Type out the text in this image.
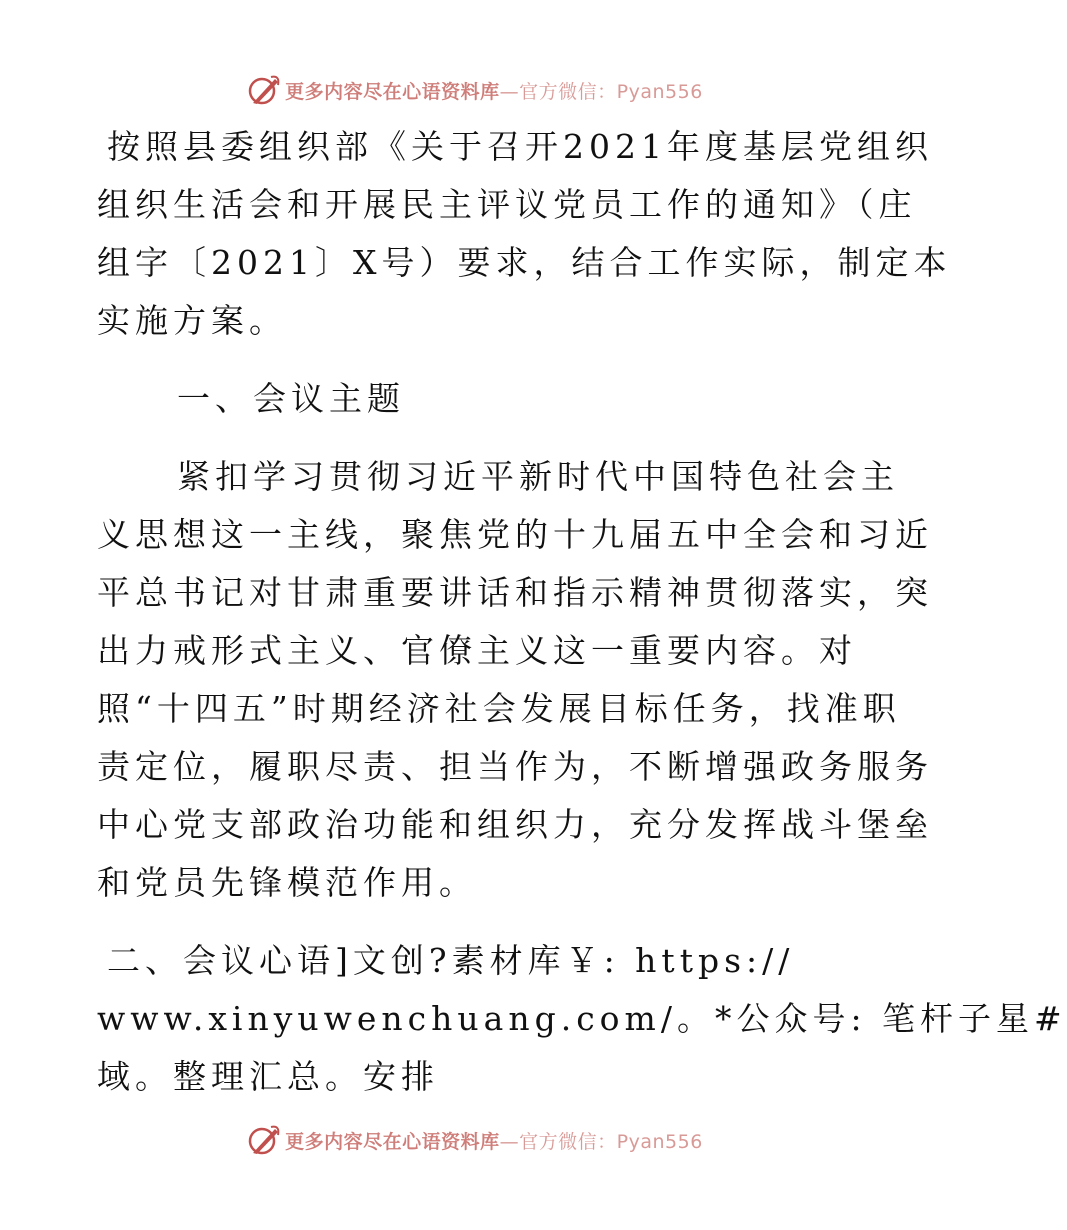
更多内容尽在心语资料库—官方微信：Pyan556

按照县委组织部《关于召开2021年度基层党组织
组织生活会和开展民主评议党员工作的通知》（庄
组字〔2021〕X号）要求，结合工作实际，制定本
实施方案。

一、会议主题

紧扣学习贯彻习近平新时代中国特色社会主
义思想这一主线，聚焦党的十九届五中全会和习近
平总书记对甘肃重要讲话和指示精神贯彻落实，突
出力戒形式主义、官僚主义这一重要内容。对
照“十四五”时期经济社会发展目标任务，找准职
责定位，履职尽责、担当作为，不断增强政务服务
中心党支部政治功能和组织力，充分发挥战斗堡垒
和党员先锋模范作用。

二、会议心语]文创?素材库￥: https://
www.xinyuwenchuang.com/。*公众号: 笔杆子星#
域。整理汇总。安排

更多内容尽在心语资料库—官方微信：Pyan556
